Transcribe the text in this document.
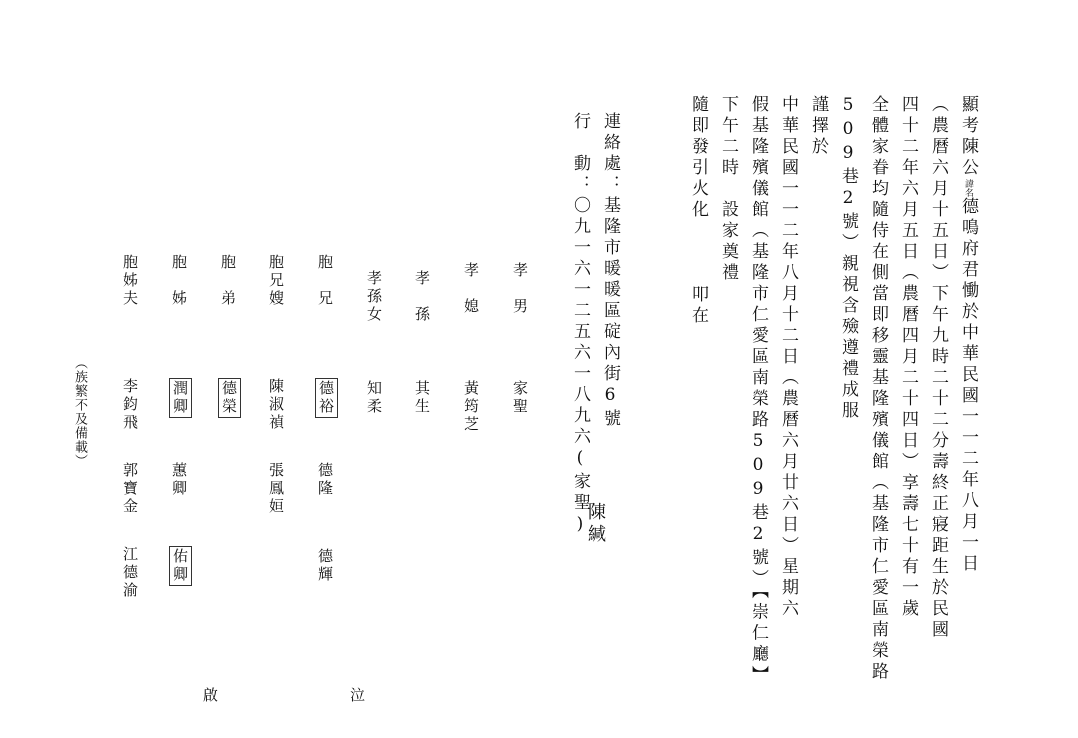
顯考陳公諱名德鳴府君慟於中華民國一一二年八月一日
（農曆六月十五日）下午九時二十二分壽終正寢距生於民國
四十二年六月五日（農曆四月二十四日）享壽七十有一歲
全體家眷均隨侍在側當即移靈基隆殯儀館（基隆市仁愛區南榮路
509巷2號）親視含殮遵禮成服
謹擇於
中華民國一一二年八月十二日（農曆六月廿六日）星期六
假基隆殯儀館（基隆市仁愛區南榮路509巷2號）【崇仁廳】
下午二時
設家奠禮
隨即發引火化
叩在
連絡處：基隆市暖暖區碇內街6號
行　動：〇九一六一二五六一八九六(家聖)
陳緘
孝　男
家聖
孝　媳
黃筠芝
孝　孫
其生
孝孫女
知柔
胞　兄
德裕
德隆
德輝
胞兄嫂
陳淑禎
張鳳姮
胞　弟
德榮
胞　姊
潤卿
蕙卿
佑卿
胞姊夫
李鈞飛
郭寶金
江德渝
（族繁不及備載）
泣
啟
